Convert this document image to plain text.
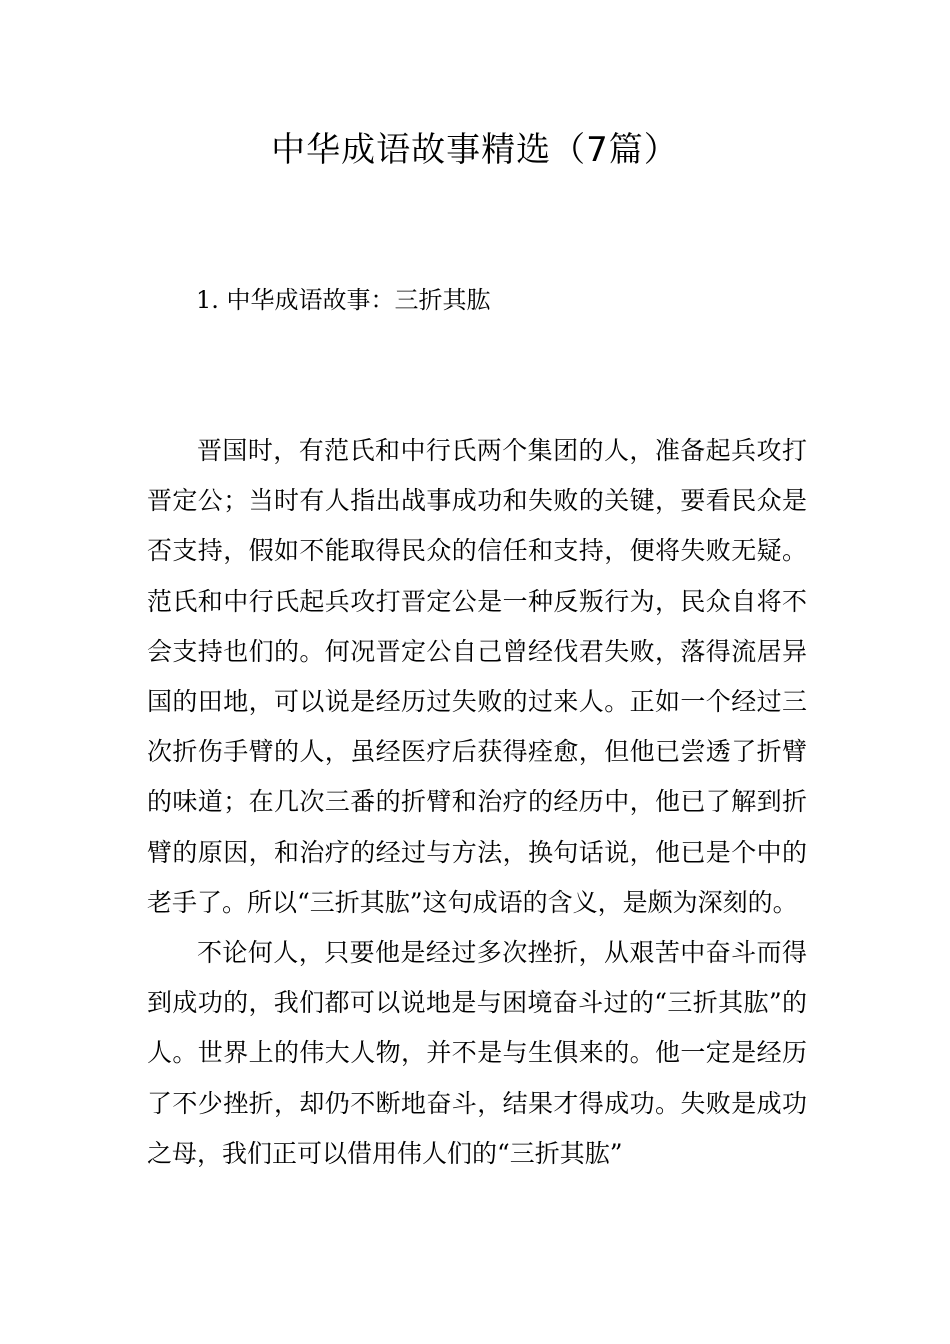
中华成语故事精选（7篇）
1. 中华成语故事：三折其肱

晋国时，有范氏和中行氏两个集团的人，准备起兵攻打晋定公；当时有人指出战事成功和失败的关键，要看民众是否支持，假如不能取得民众的信任和支持，便将失败无疑。范氏和中行氏起兵攻打晋定公是一种反叛行为，民众自将不会支持也们的。何况晋定公自己曾经伐君失败，落得流居异国的田地，可以说是经历过失败的过来人。正如一个经过三次折伤手臂的人，虽经医疗后获得痊愈，但他已尝透了折臂的味道；在几次三番的折臂和治疗的经历中，他已了解到折臂的原因，和治疗的经过与方法，换句话说，他已是个中的老手了。所以“三折其肱”这句成语的含义，是颇为深刻的。

不论何人，只要他是经过多次挫折，从艰苦中奋斗而得到成功的，我们都可以说地是与困境奋斗过的“三折其肱”的人。世界上的伟大人物，并不是与生俱来的。他一定是经历了不少挫折，却仍不断地奋斗，结果才得成功。失败是成功之母，我们正可以借用伟人们的“三折其肱”
